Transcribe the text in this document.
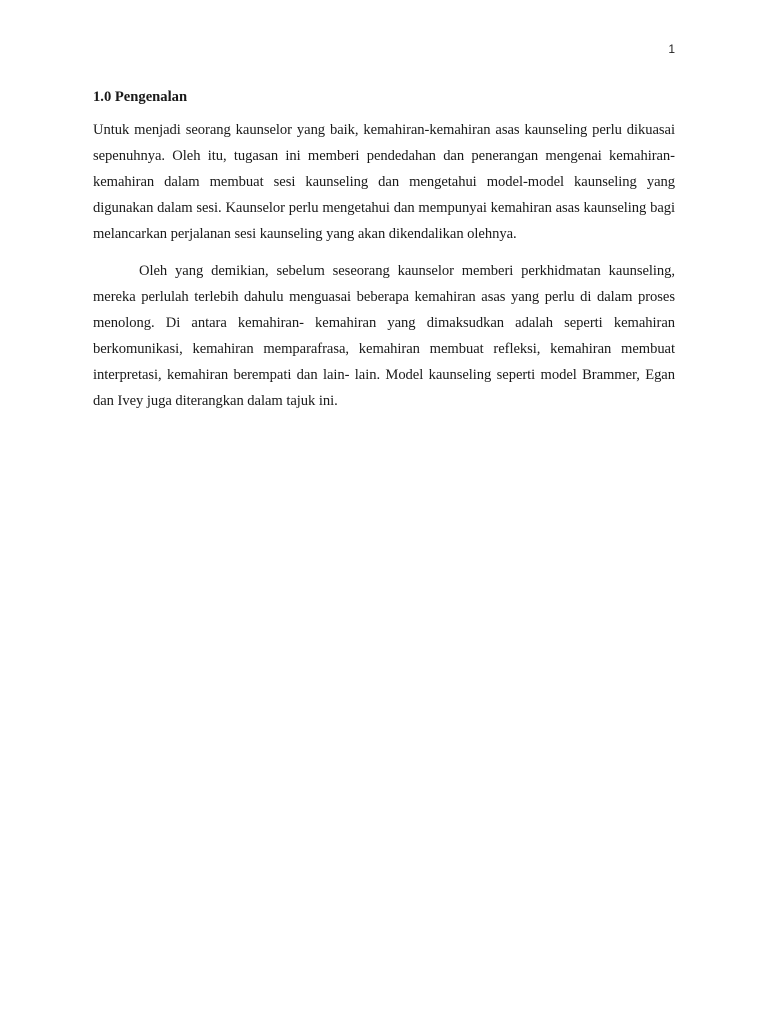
1
1.0 Pengenalan

Untuk menjadi seorang kaunselor yang baik, kemahiran-kemahiran asas kaunseling perlu dikuasai sepenuhnya. Oleh itu, tugasan ini memberi pendedahan dan penerangan mengenai kemahiran-kemahiran dalam membuat sesi kaunseling dan mengetahui model-model kaunseling yang digunakan dalam sesi. Kaunselor perlu mengetahui dan mempunyai kemahiran asas kaunseling bagi melancarkan perjalanan sesi kaunseling yang akan dikendalikan olehnya.

Oleh yang demikian, sebelum seseorang kaunselor memberi perkhidmatan kaunseling, mereka perlulah terlebih dahulu menguasai beberapa kemahiran asas yang perlu di dalam proses menolong. Di antara kemahiran- kemahiran yang dimaksudkan adalah seperti kemahiran berkomunikasi, kemahiran memparafrasa, kemahiran membuat refleksi, kemahiran membuat interpretasi, kemahiran berempati dan lain- lain. Model kaunseling seperti model Brammer, Egan dan Ivey juga diterangkan dalam tajuk ini.
